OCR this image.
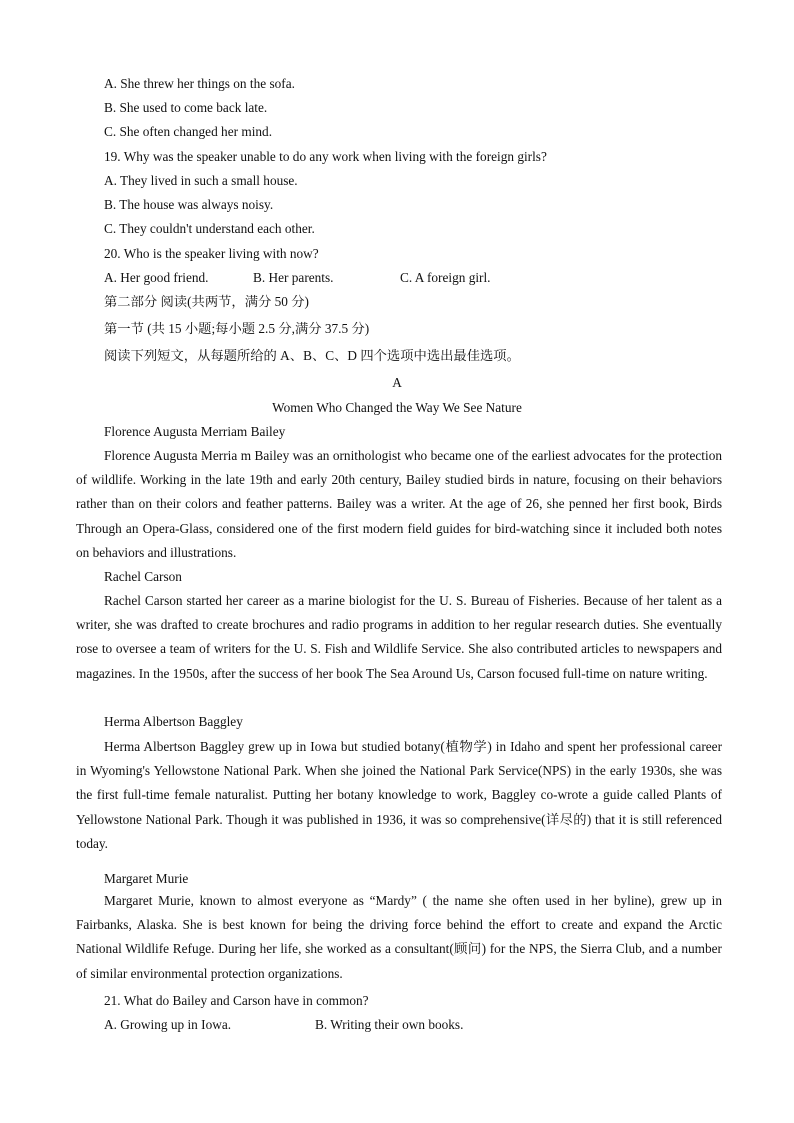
A. She threw her things on the sofa.
B. She used to come back late.
C. She often changed her mind.
19. Why was the speaker unable to do any work when living with the foreign girls?
A. They lived in such a small house.
B. The house was always noisy.
C. They couldn't understand each other.
20. Who is the speaker living with now?
A. Her good friend.	B. Her parents.	C. A foreign girl.
第二部分 阅读(共两节，满分 50 分)
第一节 (共 15 小题;每小题 2.5 分,满分 37.5 分)
阅读下列短文，从每题所给的 A、B、C、D 四个选项中选出最佳选项。
A
Women Who Changed the Way We See Nature
Florence Augusta Merriam Bailey
Florence Augusta Merria m Bailey was an ornithologist who became one of the earliest advocates for the protection of wildlife. Working in the late 19th and early 20th century, Bailey studied birds in nature, focusing on their behaviors rather than on their colors and feather patterns. Bailey was a writer. At the age of 26, she penned her first book, Birds Through an Opera-Glass, considered one of the first modern field guides for bird-watching since it included both notes on behaviors and illustrations.
Rachel Carson
Rachel Carson started her career as a marine biologist for the U. S. Bureau of Fisheries. Because of her talent as a writer, she was drafted to create brochures and radio programs in addition to her regular research duties. She eventually rose to oversee a team of writers for the U. S. Fish and Wildlife Service. She also contributed articles to newspapers and magazines. In the 1950s, after the success of her book The Sea Around Us, Carson focused full-time on nature writing.
Herma Albertson Baggley
Herma Albertson Baggley grew up in Iowa but studied botany(植物学) in Idaho and spent her professional career in Wyoming's Yellowstone National Park. When she joined the National Park Service(NPS) in the early 1930s, she was the first full-time female naturalist. Putting her botany knowledge to work, Baggley co-wrote a guide called Plants of Yellowstone National Park. Though it was published in 1936, it was so comprehensive(详尽的) that it is still referenced today.
Margaret Murie
Margaret Murie, known to almost everyone as “Mardy” ( the name she often used in her byline), grew up in Fairbanks, Alaska. She is best known for being the driving force behind the effort to create and expand the Arctic National Wildlife Refuge. During her life, she worked as a consultant(顾问) for the NPS, the Sierra Club, and a number of similar environmental protection organizations.
21. What do Bailey and Carson have in common?
A. Growing up in Iowa.	B. Writing their own books.
